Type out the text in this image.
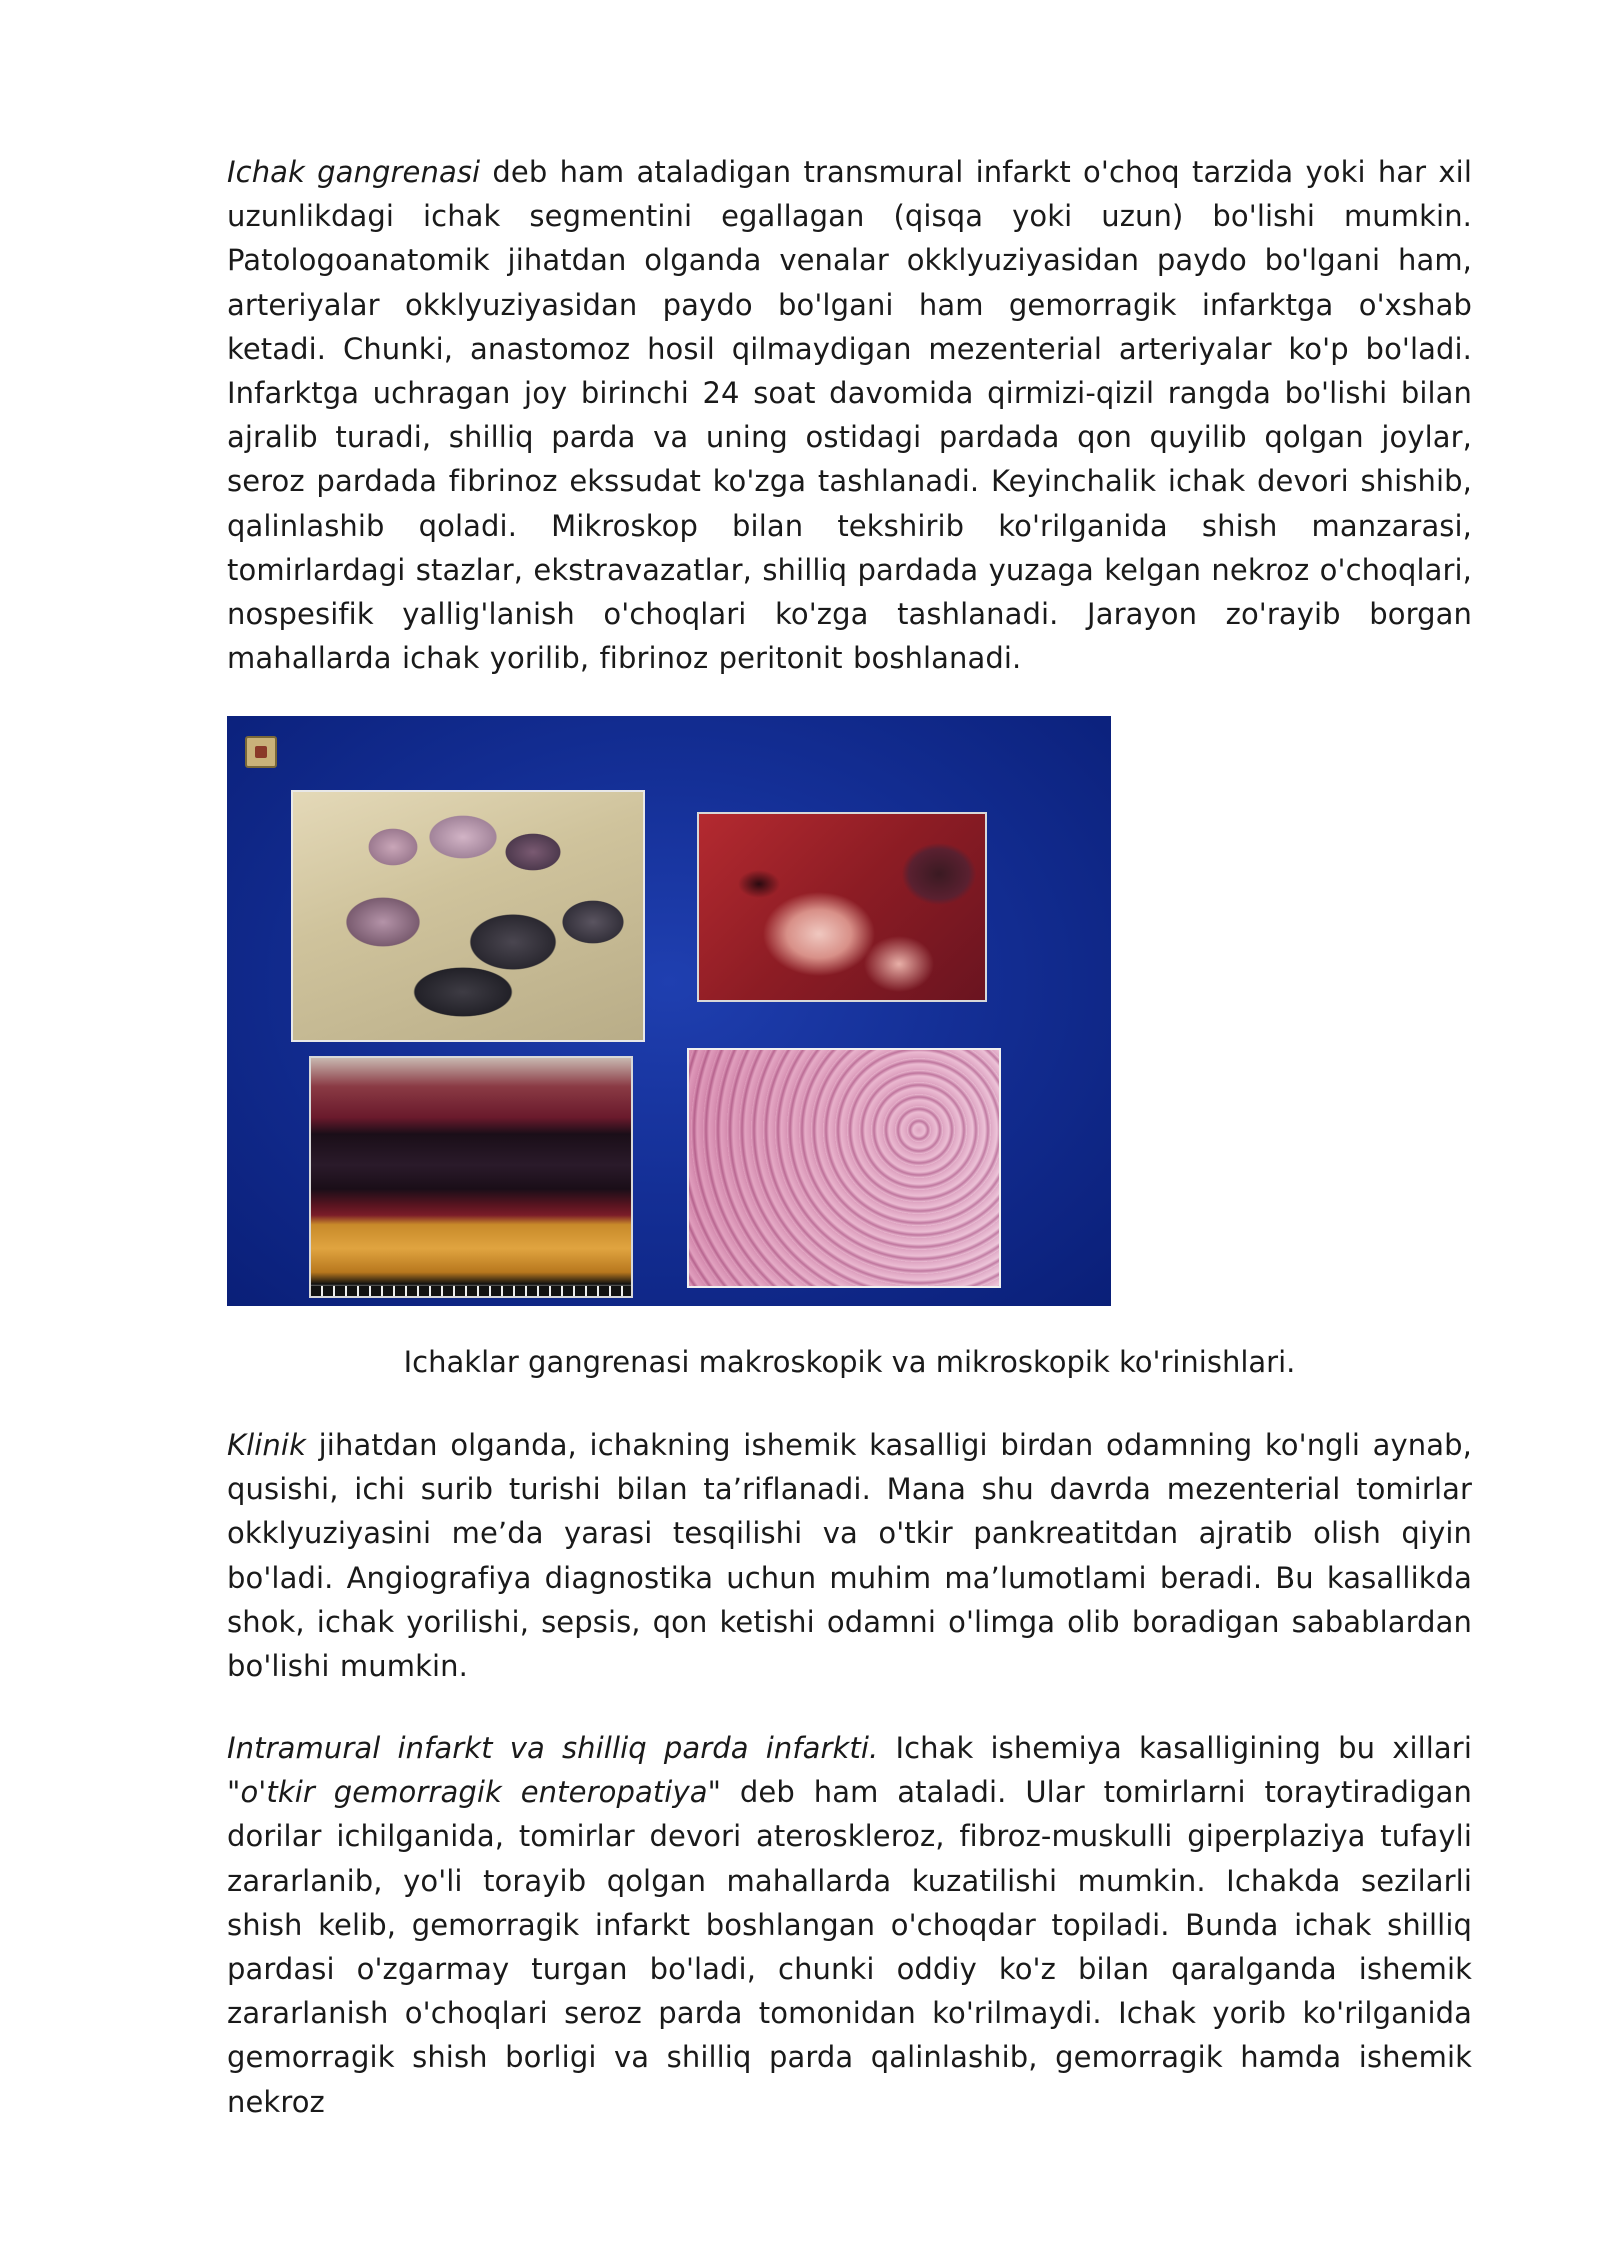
Ichak gangrenasi deb ham ataladigan transmural infarkt o'choq tarzida yoki har xil uzunlikdagi ichak segmentini egallagan (qisqa yoki uzun) bo'lishi mumkin. Patologoanatomik jihatdan olganda venalar okklyuziyasidan paydo bo'lgani ham, arteriyalar okklyuziyasidan paydo bo'lgani ham gemorragik infarktga o'xshab ketadi. Chunki, anastomoz hosil qilmaydigan mezenterial arteriyalar ko'p bo'ladi. Infarktga uchragan joy birinchi 24 soat davomida qirmizi-qizil rangda bo'lishi bilan ajralib turadi, shilliq parda va uning ostidagi pardada qon quyilib qolgan joylar, seroz pardada fibrinoz ekssudat ko'zga tashlanadi. Keyinchalik ichak devori shishib, qalinlashib qoladi. Mikroskop bilan tekshirib ko'rilganida shish manzarasi, tomirlardagi stazlar, ekstravazatlar, shilliq pardada yuzaga kelgan nekroz o'choqlari, nospesifik yallig'lanish o'choqlari ko'zga tashlanadi. Jarayon zo'rayib borgan mahallarda ichak yorilib, fibrinoz peritonit boshlanadi.

Ichaklar gangrenasi makroskopik va mikroskopik ko'rinishlari.

Klinik jihatdan olganda, ichakning ishemik kasalligi birdan odamning ko'ngli aynab, qusishi, ichi surib turishi bilan ta’riflanadi. Mana shu davrda mezenterial tomirlar okklyuziyasini me’da yarasi tesqilishi va o'tkir pankreatitdan ajratib olish qiyin bo'ladi. Angiografiya diagnostika uchun muhim ma’lumotlami beradi. Bu kasallikda shok, ichak yorilishi, sepsis, qon ketishi odamni o'limga olib boradigan sabablardan bo'lishi mumkin.

Intramural infarkt va shilliq parda infarkti. Ichak ishemiya kasalligining bu xillari "o'tkir gemorragik enteropatiya" deb ham ataladi. Ular tomirlarni toraytiradigan dorilar ichilganida, tomirlar devori ateroskleroz, fibroz-muskulli giperplaziya tufayli zararlanib, yo'li torayib qolgan mahallarda kuzatilishi mumkin. Ichakda sezilarli shish kelib, gemorragik infarkt boshlangan o'choqdar topiladi. Bunda ichak shilliq pardasi o'zgarmay turgan bo'ladi, chunki oddiy ko'z bilan qaralganda ishemik zararlanish o'choqlari seroz parda tomonidan ko'rilmaydi. Ichak yorib ko'rilganida gemorragik shish borligi va shilliq parda qalinlashib, gemorragik hamda ishemik nekroz
